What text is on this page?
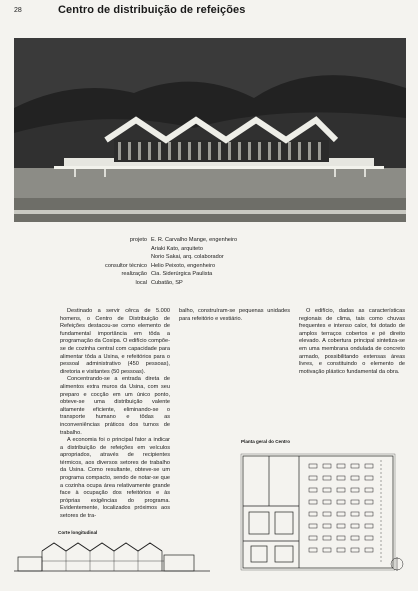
28	Centro de distribuição de refeições
projeto E. R. Carvalho Mange, engenheiro
Ariaki Kato, arquiteto
Norio Sakai, arq. colaborador
consultor técnico Helio Peixoto, engenheiro
realização Cia. Siderúrgica Paulista
local Cubatão, SP

Destinado a servir cêrca de 5.000 homens, o Centro de Distribuição de Refeições destacou-se como elemento de fundamental importância em tôda a programação da Cosipa. O edifício compõe-se de cozinha central com capacidade para alimentar tôda a Usina, e refeitórios para o pessoal administrativo (450 pessoas), diretoria e visitantes (50 pessoas).

Concentrando-se a entrada direta de alimentos extra muros da Usina, com seu preparo e cocção em um único ponto, obteve-se uma distribuição valente altamente eficiente, eliminando-se o transporte humano e tôdas as inconveniências práticos dos turnos de trabalho.

A economia foi o principal fator a indicar a distribuição de refeições em veículos apropriados, através de recipientes térmicos, aos diversos setores de trabalho da Usina. Como resultante, obteve-se um programa compacto, sendo de notar-se que a cozinha ocupa área relativamente grande face à ocupação dos refeitórios e às próprias exigências do programa. Evidentemente, localizados próximos aos setores de tra-

balho, construíram-se pequenas unidades para refeitório e vestiário.

O edifício, dadas as características regionais de clima, tais como chuvas frequentes e intenso calor, foi dotado de amplos terraços cobertos e pé direito elevado. A cobertura principal sintetiza-se em uma membrana ondulada de concreto armado, possibilitando extensas áreas livres, e constituindo o elemento de motivação plástico fundamental da obra.

Planta geral do Centro
Corte longitudinal
